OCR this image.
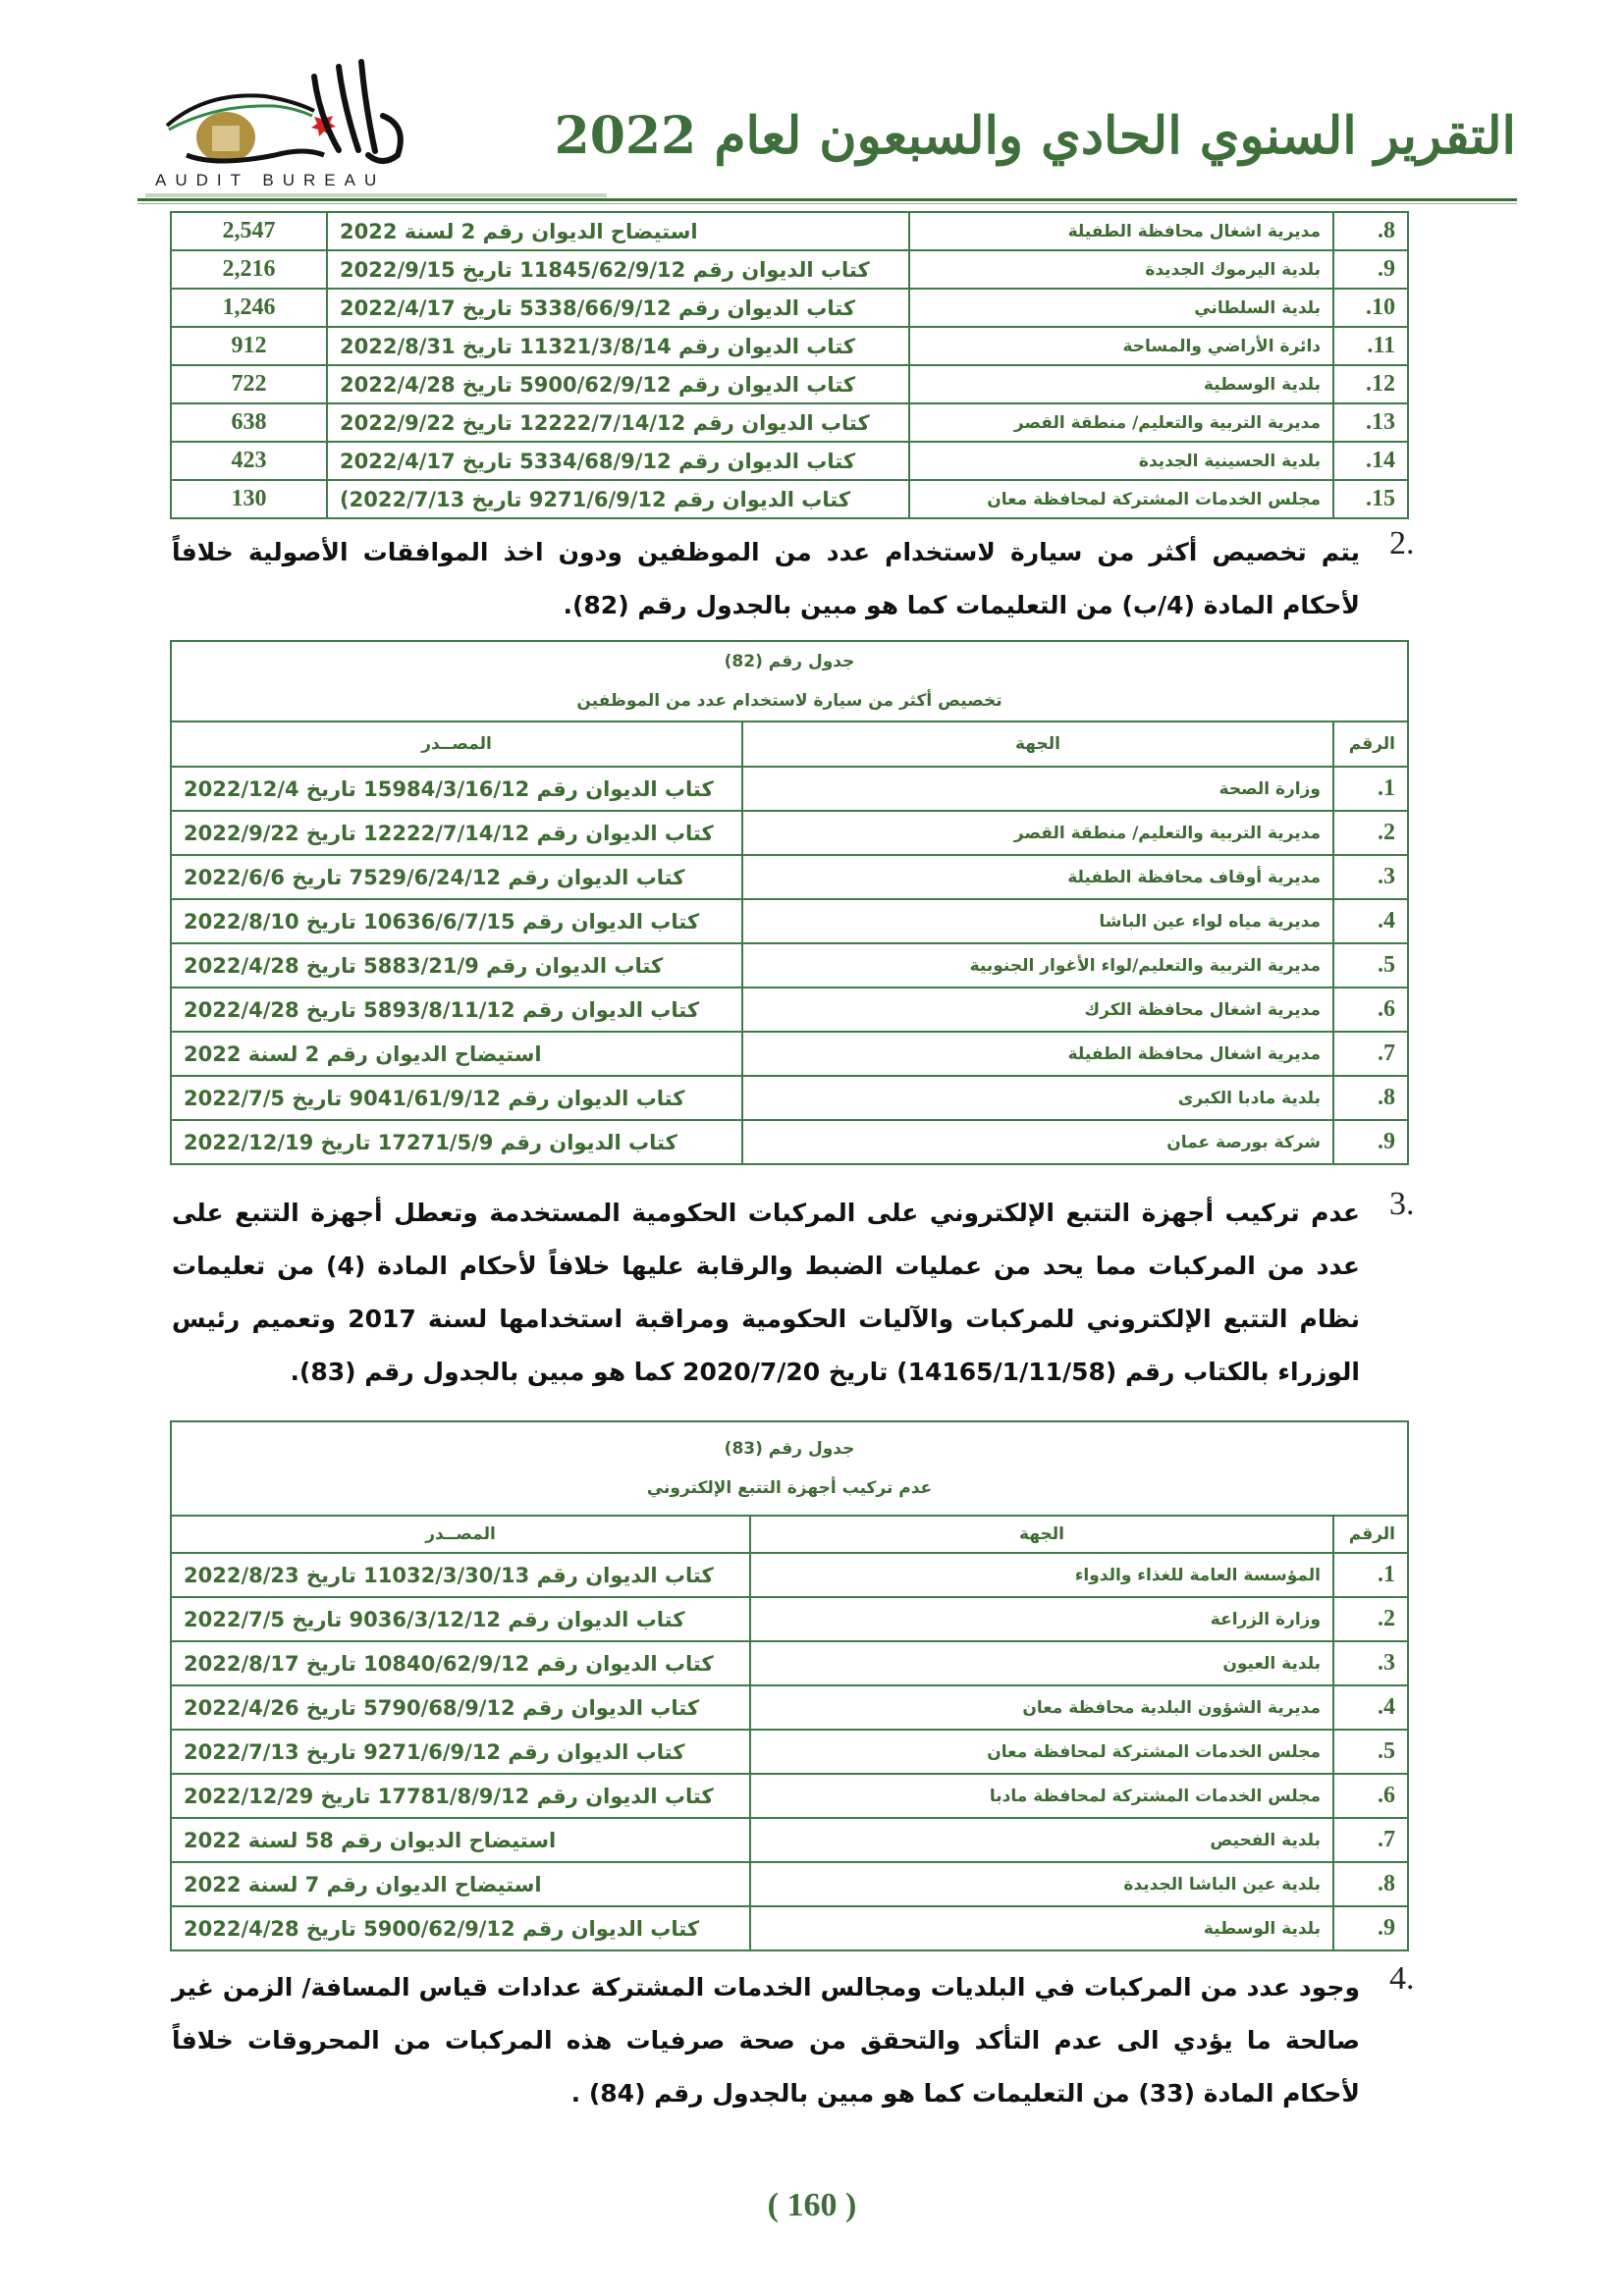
AUDIT BUREAU
التقرير السنوي الحادي والسبعون لعام 2022
8.	مديرية اشغال محافظة الطفيلة	استيضاح الديوان رقم 2 لسنة 2022	2,547
9.	بلدية اليرموك الجديدة	كتاب الديوان رقم 11845/62/9/12 تاريخ 2022/9/15	2,216
10.	بلدية السلطاني	كتاب الديوان رقم 5338/66/9/12 تاريخ 2022/4/17	1,246
11.	دائرة الأراضي والمساحة	كتاب الديوان رقم 11321/3/8/14 تاريخ 2022/8/31	912
12.	بلدية الوسطية	كتاب الديوان رقم 5900/62/9/12 تاريخ 2022/4/28	722
13.	مديرية التربية والتعليم/ منطقة القصر	كتاب الديوان رقم 12222/7/14/12 تاريخ 2022/9/22	638
14.	بلدية الحسينية الجديدة	كتاب الديوان رقم 5334/68/9/12 تاريخ 2022/4/17	423
15.	مجلس الخدمات المشتركة لمحافظة معان	كتاب الديوان رقم 9271/6/9/12 تاريخ 2022/7/13)	130
2.
يتم تخصيص أكثر من سيارة لاستخدام عدد من الموظفين ودون اخذ الموافقات الأصولية خلافاً لأحكام المادة (4/ب) من التعليمات كما هو مبين بالجدول رقم (82).
جدول رقم (82)
تخصيص أكثر من سيارة لاستخدام عدد من الموظفين		

الرقم	الجهة	المصــدر
1.	وزارة الصحة	كتاب الديوان رقم 15984/3/16/12 تاريخ 2022/12/4
2.	مديرية التربية والتعليم/ منطقة القصر	كتاب الديوان رقم 12222/7/14/12 تاريخ 2022/9/22
3.	مديرية أوقاف محافظة الطفيلة	كتاب الديوان رقم 7529/6/24/12 تاريخ 2022/6/6
4.	مديرية مياه لواء عين الباشا	كتاب الديوان رقم 10636/6/7/15 تاريخ 2022/8/10
5.	مديرية التربية والتعليم/لواء الأغوار الجنوبية	كتاب الديوان رقم 5883/21/9 تاريخ 2022/4/28
6.	مديرية اشغال محافظة الكرك	كتاب الديوان رقم 5893/8/11/12 تاريخ 2022/4/28
7.	مديرية اشغال محافظة الطفيلة	استيضاح الديوان رقم 2 لسنة 2022
8.	بلدية مادبا الكبرى	كتاب الديوان رقم 9041/61/9/12 تاريخ 2022/7/5
9.	شركة بورصة عمان	كتاب الديوان رقم 17271/5/9 تاريخ 2022/12/19
3.
عدم تركيب أجهزة التتبع الإلكتروني على المركبات الحكومية المستخدمة وتعطل أجهزة التتبع على عدد من المركبات مما يحد من عمليات الضبط والرقابة عليها خلافاً لأحكام المادة (4) من تعليمات نظام التتبع الإلكتروني للمركبات والآليات الحكومية ومراقبة استخدامها لسنة 2017 وتعميم رئيس الوزراء بالكتاب رقم (14165/1/11/58) تاريخ 2020/7/20 كما هو مبين بالجدول رقم (83).
جدول رقم (83)
عدم تركيب أجهزة التتبع الإلكتروني		

الرقم	الجهة	المصــدر
1.	المؤسسة العامة للغذاء والدواء	كتاب الديوان رقم 11032/3/30/13 تاريخ 2022/8/23
2.	وزارة الزراعة	كتاب الديوان رقم 9036/3/12/12 تاريخ 2022/7/5
3.	بلدية العيون	كتاب الديوان رقم 10840/62/9/12 تاريخ 2022/8/17
4.	مديرية الشؤون البلدية محافظة معان	كتاب الديوان رقم 5790/68/9/12 تاريخ 2022/4/26
5.	مجلس الخدمات المشتركة لمحافظة معان	كتاب الديوان رقم 9271/6/9/12 تاريخ 2022/7/13
6.	مجلس الخدمات المشتركة لمحافظة مادبا	كتاب الديوان رقم 17781/8/9/12 تاريخ 2022/12/29
7.	بلدية الفحيص	استيضاح الديوان رقم 58 لسنة 2022
8.	بلدية عين الباشا الجديدة	استيضاح الديوان رقم 7 لسنة 2022
9.	بلدية الوسطية	كتاب الديوان رقم 5900/62/9/12 تاريخ 2022/4/28
4.
وجود عدد من المركبات في البلديات ومجالس الخدمات المشتركة عدادات قياس المسافة/ الزمن غير صالحة ما يؤدي الى عدم التأكد والتحقق من صحة صرفيات هذه المركبات من المحروقات خلافاً لأحكام المادة (33) من التعليمات كما هو مبين بالجدول رقم (84) .
( 160 )
